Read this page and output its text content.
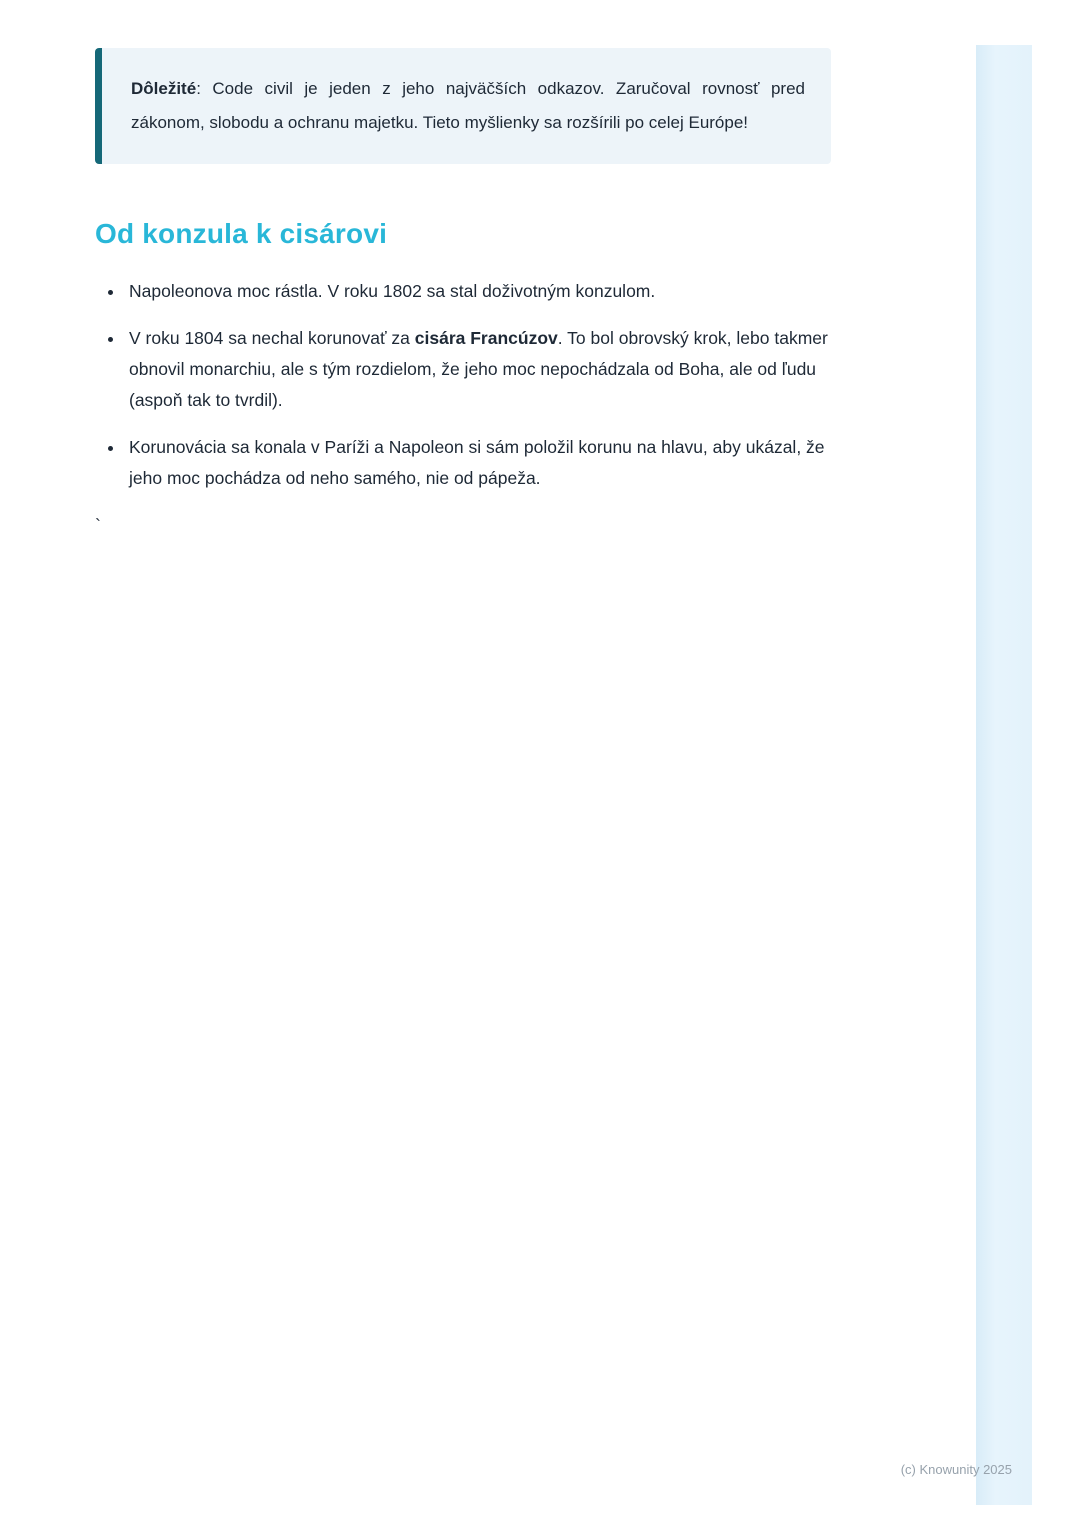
Dôležité: Code civil je jeden z jeho najväčších odkazov. Zaručoval rovnosť pred zákonom, slobodu a ochranu majetku. Tieto myšlienky sa rozšírili po celej Európe!

Od konzula k cisárovi
• Napoleonova moc rástla. V roku 1802 sa stal doživotným konzulom.
• V roku 1804 sa nechal korunovať za cisára Francúzov. To bol obrovský krok, lebo takmer obnovil monarchiu, ale s tým rozdielom, že jeho moc nepochádzala od Boha, ale od ľudu (aspoň tak to tvrdil).
• Korunovácia sa konala v Paríži a Napoleon si sám položil korunu na hlavu, aby ukázal, že jeho moc pochádza od neho samého, nie od pápeža.
`
(c) Knowunity 2025
